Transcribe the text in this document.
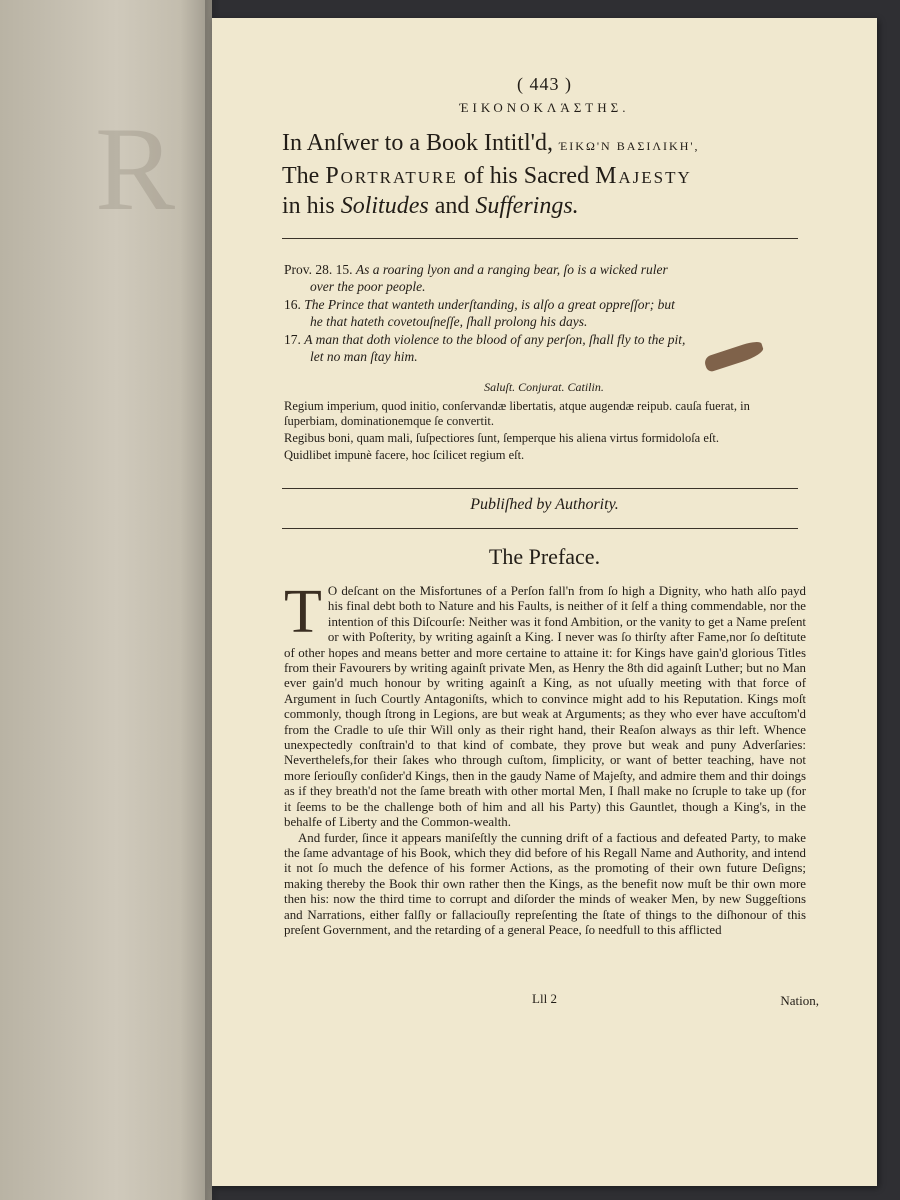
R

( 443 )
ΈΙΚΟΝΟΚΛΆΣΤΗΣ.
In Anſwer to a Book Intitl'd, ΈΙΚΩ'Ν ΒΑΣΙΛΙΚΗ',
The Portrature of his Sacred Majesty
in his Solitudes and Sufferings.
Prov. 28. 15. As a roaring lyon and a ranging bear, ſo is a wicked ruler
over the poor people.
16. The Prince that wanteth underſtanding, is alſo a great oppreſſor; but
he that hateth covetouſneſſe, ſhall prolong his days.
17. A man that doth violence to the blood of any perſon, ſhall fly to the pit,
let no man ſtay him.
Saluſt. Conjurat. Catilin.
Regium imperium, quod initio, conſervandæ libertatis, atque augendæ reipub. cauſa fuerat, in ſuperbiam, dominationemque ſe convertit.
Regibus boni, quam mali, ſuſpectiores ſunt, ſemperque his aliena virtus formidoloſa eſt.
Quidlibet impunè facere, hoc ſcilicet regium eſt.
Publiſhed by Authority.
The Preface.

T O deſcant on the Misfortunes of a Perſon fall'n from ſo high a Dignity, who hath alſo payd his final debt both to Nature and his Faults, is neither of it ſelf a thing commendable, nor the intention of this Diſcourſe: Neither was it fond Ambition, or the vanity to get a Name preſent or with Poſterity, by writing againſt a King. I never was ſo thirſty after Fame,nor ſo deſtitute of other hopes and means better and more certaine to attaine it: for Kings have gain'd glorious Titles from their Favourers by writing againſt private Men, as Henry the 8th did againſt Luther; but no Man ever gain'd much honour by writing againſt a King, as not uſually meeting with that force of Argument in ſuch Courtly Antagoniſts, which to convince might add to his Reputation. Kings moſt commonly, though ſtrong in Legions, are but weak at Arguments; as they who ever have accuſtom'd from the Cradle to uſe thir Will only as their right hand, their Reaſon always as thir left. Whence unexpectedly conſtrain'd to that kind of combate, they prove but weak and puny Adverſaries: Neverthelefs,for their ſakes who through cuſtom, ſimplicity, or want of better teaching, have not more ſeriouſly conſider'd Kings, then in the gaudy Name of Majeſty, and admire them and thir doings as if they breath'd not the ſame breath with other mortal Men, I ſhall make no ſcruple to take up (for it ſeems to be the challenge both of him and all his Party) this Gauntlet, though a King's, in the behalfe of Liberty and the Common-wealth.

And furder, ſince it appears maniſeſtly the cunning drift of a factious and defeated Party, to make the ſame advantage of his Book, which they did before of his Regall Name and Authority, and intend it not ſo much the defence of his former Actions, as the promoting of their own future Deſigns; making thereby the Book thir own rather then the Kings, as the benefit now muſt be thir own more then his: now the third time to corrupt and diſorder the minds of weaker Men, by new Suggeſtions and Narrations, either falſly or fallaciouſly repreſenting the ſtate of things to the diſhonour of this preſent Government, and the retarding of a general Peace, ſo needfull to this afflicted

Lll 2	Nation,
